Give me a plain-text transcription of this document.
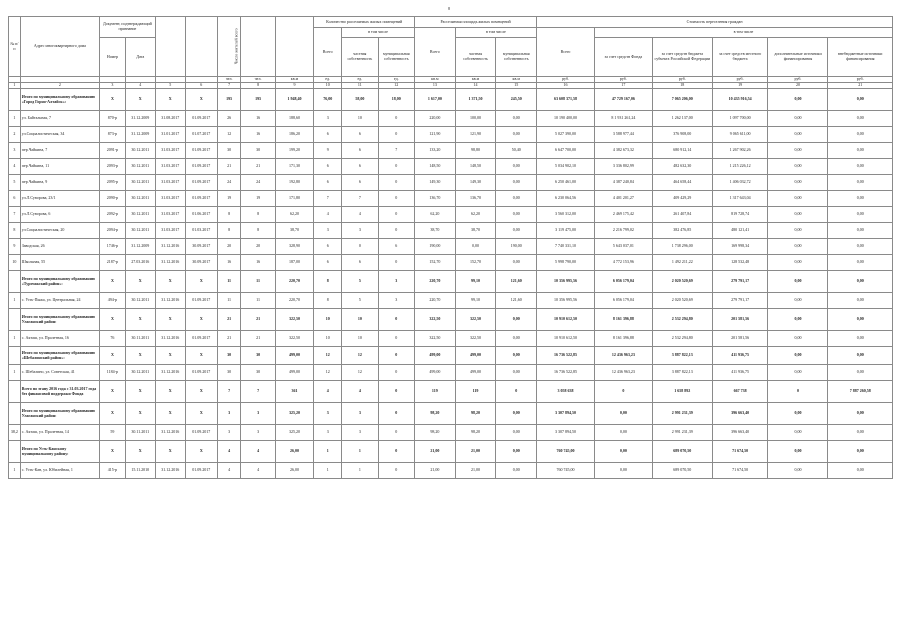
8
№ п/п	Адрес многоквартирного дома	Документ, подтверждающий признание				Число жителей всего			Количество расселяемых жилых помещений			Расселяемая площадь жилых помещений			Стоимость переселения граждан					
									Всего	в том числе		Всего	в том числе		Всего	в том числе				
		Номер	Дата							частная собственность	муниципальная собственность		частная собственность	муниципальная собственность		за счет средств Фонда	за счет средств бюджета субъекта Российской Федерации	за счет средств местного бюджета	дополнительные источники финансирования	внебюджетные источники финансирования
						чел.	чел.	кв.м	ед.	ед.	ед.	кв.м	кв.м	кв.м	руб.	руб.	руб.	руб.	руб.	руб.
1	2	3	4	5	6	7	8	9	10	11	12	13	14	15	16	17	18	19	20	21
	Итого по муниципальному образованию «Город Горно-Алтайск»:	X	X	X	X	195	195	1 948,40	76,00	58,00	18,00	1 617,00	1 371,50	245,50	63 608 371,58	47 729 167,06	7 065 206,00	10 435 916,54	0,00	0,00
1	ул. Байтальная, 7	870-р	31.12.2009	31.08.2017	01.09.2017	26	16	188,60	3	10	0	220,00	100,00	0,00	10 190 400,00	8 1 931 261,24	1 262 137,00	1 097 700,00	0,00	0,00
2	ул.Социалистическая, 34	873-р	31.12.2009	31.01.2017	01.07.2017	12	16	186,20	6	6	0	121,90	121,90	0,00	5 027 390,00	3 588 977,44	376 908,00	9 065 611,00	0,00	0,00
3	пер.Чайкина, 7	2091-р	30.12.2011	31.03.2017	01.09.2017	30	30	199,20	9	6	7	133,20	98,80	50,40	6 647 700,00	4 382 673,32	680 912,14	1 267 902,26	0,00	0,00
4	пер.Чайкина, 11	2093-р	30.12.2011	31.03.2017	01.09.2017	21	21	171,30	6	6	0	148,50	148,50	0,00	5 034 902,10	3 336 802,99	482 632,30	1 215 226,12	0,00	0,00
5	пер.Чайкина, 9	2095-р	30.12.2011	31.03.2017	01.09.2017	24	24	192,80	6	6	0	149,30	149,30	0,00	6 250 461,00	4 387 240,84	464 658,44	1 406 032,72	0,00	0,00
6	ул.Л.Суворова, 23/1	2090-р	30.12.2011	31.03.2017	01.09.2017	19	19	171,80	7	7	0	136,70	136,70	0,00	6 230 064,56	4 401 201,27	409 429,29	1 317 643,04	0,00	0,00
7	ул.Л.Суворова, 6	2092-р	30.12.2011	31.03.2017	01.06.2017	8	8	62,20	4	4	0	62,20	62,20	0,00	3 560 312,00	2 469 175,42	261 407,84	819 728,74	0,00	0,00
8	ул.Социалистическая, 20	2094-р	30.12.2011	31.03.2017	01.03.2017	8	8	38,70	3	3	0	38,70	38,70	0,00	3 119 475,00	2 216 799,02	382 476,85	480 121,41	0,00	0,00
9	Заводская, 26	1746-р	31.12.2009	31.12.2016	30.09.2017	20	20	328,90	6	0	6	190,00	0,00	190,00	7 740 331,10	5 643 037,01	1 738 296,00	169 998,34	0,00	0,00
10	Школьная, 55	2187-р	27.03.2016	31.12.2016	30.09.2017	16	16	187,00	6	6	0	152,70	152,70	0,00	5 998 790,00	4 772 153,96	1 492 211,22	128 532,48	0,00	0,00
	Итого по муниципальному образованию «Турочакский район»:	X	X	X	X	11	11	220,70	8	5	3	220,70	99,10	121,60	10 356 995,56	6 056 179,04	2 020 520,69	279 791,17	0,00	0,00
1	с. Усть-Пыжа, ул. Центральная, 24	494-р	30.12.2011	31.12.2016	01.09.2017	11	11	220,70	8	5	3	220,70	99,10	121,60	10 356 995,56	6 056 179,04	2 020 520,69	279 791,17	0,00	0,00
	Итого по муниципальному образованию Улаганский район:	X	X	X	X	21	21	322,50	10	10	0	322,50	322,50	0,00	10 910 612,50	8 161 396,88	2 532 294,80	201 581,56	0,00	0,00
1	с. Акташ, ул. Пролетная, 16	76	30.11.2011	31.12.2016	01.09.2017	21	21	322,50	10	10	0	322,50	322,50	0,00	10 910 612,50	8 161 396,88	2 532 294,80	201 581,56	0,00	0,00
	Итого по муниципальному образованию «Шебалинский район»:	X	X	X	X	30	30	499,00	12	12	0	499,00	499,00	0,00	16 736 522,85	12 436 963,23	3 887 822,13	411 936,75	0,00	0,00
1	с. Шебалино, ул. Советская, 41	1184-р	30.12.2011	31.12.2016	01.09.2017	30	30	499,00	12	12	0	499,00	499,00	0,00	16 736 522,85	12 436 963,23	3 887 822,13	411 936,75	0,00	0,00
	Всего по этапу 2016 года с 31.03.2017 года без финансовой поддержки Фонда	X	X	X	X	7	7	361	4	4	0	119	119	0	3 058 638	0	1 658 892	667 738	0	7 887 260,58
	Итого по муниципальному образованию Улаганский район:	X	X	X	X	3	3	325,20	3	3	0	98,20	98,20	0,00	3 307 894,50	0,00	2 991 231,39	396 663,40	0,00	0,00
38,2	с. Акташ, ул. Пролетная, 14	59	30.11.2011	31.12.2016	01.09.2017	3	3	325,20	3	3	0	98,20	98,20	0,00	3 307 894,50	0,00	2 991 231,39	396 663,40	0,00	0,00
	Итого по Усть-Канскому муниципальному району:	X	X	X	X	4	4	26,00	1	1	0	21,00	21,00	0,00	760 745,00	0,00	689 070,50	71 674,50	0,00	0,00
1	с. Усть-Кан, ул. Юбилейная, 1	415-р	15.11.2010	31.12.2016	01.09.2017	4	4	26,00	1	1	0	21,00	21,00	0,00	760 745,00	0,00	689 070,50	71 674,50	0,00	0,00
